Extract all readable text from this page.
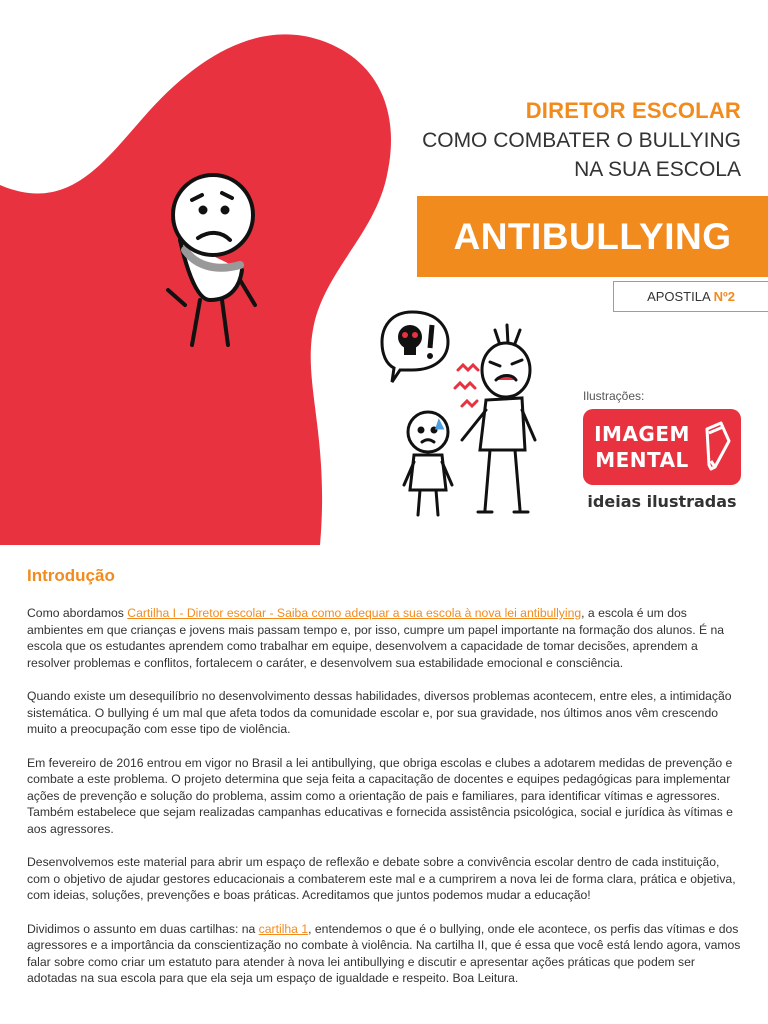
DIRETOR ESCOLAR
COMO COMBATER O BULLYING NA SUA ESCOLA
ANTIBULLYING
APOSTILA Nº2
Ilustrações:
IMAGEM MENTAL
ideias ilustradas
Introdução

Como abordamos Cartilha I - Diretor escolar - Saiba como adequar a sua escola à nova lei antibullying, a escola é um dos ambientes em que crianças e jovens mais passam tempo e, por isso, cumpre um papel importante na formação dos alunos. É na escola que os estudantes aprendem como trabalhar em equipe, desenvolvem a capacidade de tomar decisões, aprendem a resolver problemas e conflitos, fortalecem o caráter, e desenvolvem sua estabilidade emocional e consciência.

Quando existe um desequilíbrio no desenvolvimento dessas habilidades, diversos problemas acontecem, entre eles, a intimidação sistemática. O bullying é um mal que afeta todos da comunidade escolar e, por sua gravidade, nos últimos anos vêm crescendo muito a preocupação com esse tipo de violência.

Em fevereiro de 2016 entrou em vigor no Brasil a lei antibullying, que obriga escolas e clubes a adotarem medidas de prevenção e combate a este problema. O projeto determina que seja feita a capacitação de docentes e equipes pedagógicas para implementar ações de prevenção e solução do problema, assim como a orientação de pais e familiares, para identificar vítimas e agressores. Também estabelece que sejam realizadas campanhas educativas e fornecida assistência psicológica, social e jurídica às vítimas e aos agressores.

Desenvolvemos este material para abrir um espaço de reflexão e debate sobre a convivência escolar dentro de cada instituição, com o objetivo de ajudar gestores educacionais a combaterem este mal e a cumprirem a nova lei de forma clara, prática e objetiva, com ideias, soluções, prevenções e boas práticas. Acreditamos que juntos podemos mudar a educação!

Dividimos o assunto em duas cartilhas: na cartilha 1, entendemos o que é o bullying, onde ele acontece, os perfis das vítimas e dos agressores e a importância da conscientização no combate à violência. Na cartilha II, que é essa que você está lendo agora, vamos falar sobre como criar um estatuto para atender à nova lei antibullying e discutir e apresentar ações práticas que podem ser adotadas na sua escola para que ela seja um espaço de igualdade e respeito. Boa Leitura.
